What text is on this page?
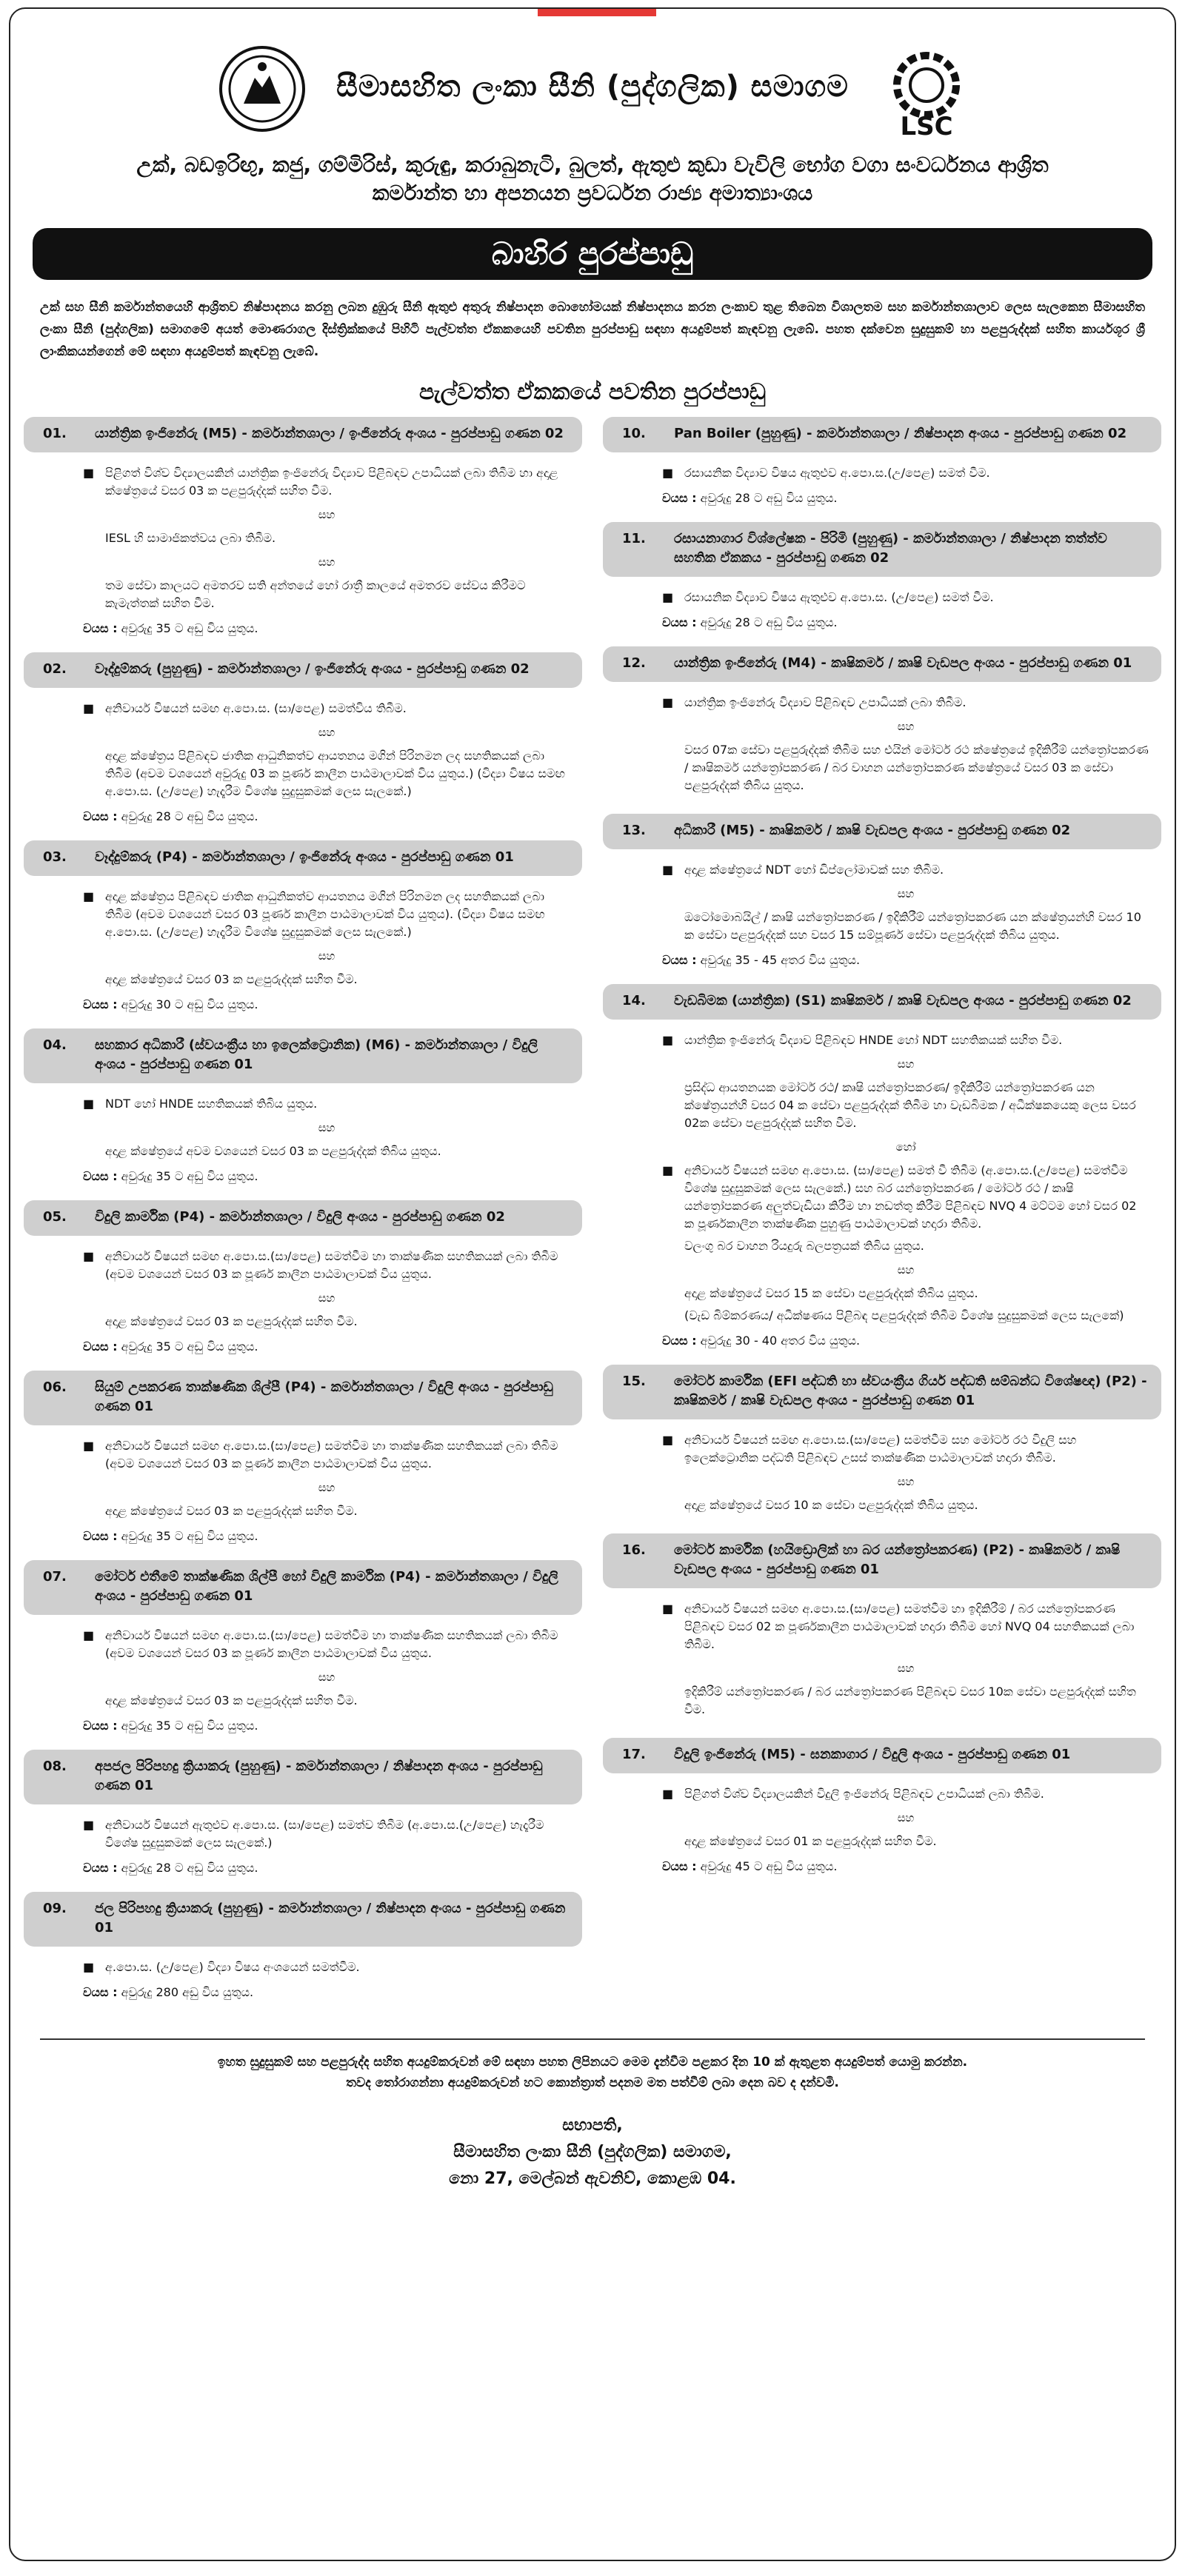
සීමාසහිත ලංකා සීනි (පුද්ගලික) සමාගම
LSC
උක්, බඩඉරිඟු, කජු, ගම්මිරිස්, කුරුඳු, කරාබුනැටි, බුලත්, ඇතුළු කුඩා වැවිලි භෝග වගා සංවර්ධනය ආශ්‍රිත
කර්මාන්ත හා අපනයන ප්‍රවර්ධන රාජ්‍ය අමාත්‍යාංශය
බාහිර පුරප්පාඩු
උක් සහ සීනි කර්මාන්තයෙහි ආශ්‍රිතව නිෂ්පාදනය කරනු ලබන දුඹුරු සීනි ඇතුළු අතුරු නිෂ්පාදන බොහෝමයක් නිෂ්පාදනය කරන ලංකාව තුළ තිබෙන විශාලතම සහ කර්මාන්තශාලාව ලෙස සැලකෙන සීමාසහිත ලංකා සීනි (පුද්ගලික) සමාගමේ අයත් මොණරාගල දිස්ත්‍රික්කයේ පිහිටි පැල්වත්ත ඒකකයෙහි පවතින පුරප්පාඩු සඳහා අයදුම්පත් කැඳවනු ලැබේ. පහත දක්වෙන සුදුසුකම් හා පළපුරුද්දක් සහිත කාර්යශූර ශ්‍රී ලාංකිකයන්ගෙන් මේ සඳහා අයදුම්පත් කැඳවනු ලැබේ.
පැල්වත්ත ඒකකයේ පවතින පුරප්පාඩු
01.	යාන්ත්‍රික ඉංජිනේරු (M5) - කර්මාන්තශාලා / ඉංජිනේරු අංශය - පුරප්පාඩු ගණන 02
■ පිළිගත් විශ්ව විද්‍යාලයකින් යාන්ත්‍රික ඉංජිනේරු විද්‍යාව පිළිබඳව උපාධියක් ලබා තිබීම හා අදාළ ක්ෂේත්‍රයේ වසර 03 ක පළපුරුද්දක් සහිත වීම.
සහ
IESL හි සාමාජිකත්වය ලබා තිබීම.
සහ
තම සේවා කාලයට අමතරව සති අන්තයේ හෝ රාත්‍රී කාලයේ අමතරව සේවය කිරීමට කැමැත්තක් සහිත වීම.
වයස : අවුරුදු 35 ට අඩු විය යුතුය.
02.	වෑද්දුම්කරු (පුහුණු) - කර්මාන්තශාලා / ඉංජිනේරු අංශය - පුරප්පාඩු ගණන 02
■ අනිවාර්ය විෂයන් සමඟ අ.පො.ස. (සා/පෙළ) සමත්විය තිබීම.
සහ
අදාළ ක්ෂේත්‍රය පිළිබඳව ජාතික ආධුනිකත්ව ආයතනය මගින් පිරිනමන ලද සහතිකයක් ලබා තිබීම (අවම වශයෙන් අවුරුදු 03 ක පූර්ණ කාලීන පාඨමාලාවක් විය යුතුය.) (විද්‍යා විෂය සමඟ අ.පො.ස. (උ/පෙළ) හැදෑරීම විශේෂ සුදුසුකමක් ලෙස සැලකේ.)
වයස : අවුරුදු 28 ට අඩු විය යුතුය.
03.	වෑද්දුම්කරු (P4) - කර්මාන්තශාලා / ඉංජිනේරු අංශය - පුරප්පාඩු ගණන 01
■ අදාළ ක්ෂේත්‍රය පිළිබඳව ජාතික ආධුනිකත්ව ආයතනය මගින් පිරිනමන ලද සහතිකයක් ලබා තිබීම (අවම වශයෙන් වසර 03 පූර්ණ කාලීන පාඨමාලාවක් විය යුතුය). (විද්‍යා විෂය සමඟ අ.පො.ස. (උ/පෙළ) හැදෑරීම විශේෂ සුදුසුකමක් ලෙස සැලකේ.)
සහ
අදාළ ක්ෂේත්‍රයේ වසර 03 ක පළපුරුද්දක් සහිත වීම.
වයස : අවුරුදු 30 ට අඩු විය යුතුය.
04.	සහකාර අධිකාරී (ස්වයංක්‍රීය හා ඉලෙක්ට්‍රොනික) (M6) - කර්මාන්තශාලා / විදුලි අංශය - පුරප්පාඩු ගණන 01
■ NDT හෝ HNDE සහතිකයක් තිබිය යුතුය.
සහ
අදාළ ක්ෂේත්‍රයේ අවම වශයෙන් වසර 03 ක පළපුරුද්දක් තිබිය යුතුය.
වයස : අවුරුදු 35 ට අඩු විය යුතුය.
05.	විදුලි කාර්මික (P4) - කර්මාන්තශාලා / විදුලි අංශය - පුරප්පාඩු ගණන 02
■ අනිවාර්ය විෂයන් සමඟ අ.පො.ස.(සා/පෙළ) සමත්වීම හා තාක්ෂණික සහතිකයක් ලබා තිබීම (අවම වශයෙන් වසර 03 ක පූර්ණ කාලීන පාඨමාලාවක් විය යුතුය.
සහ
අදාළ ක්ෂේත්‍රයේ වසර 03 ක පළපුරුද්දක් සහිත වීම.
වයස : අවුරුදු 35 ට අඩු විය යුතුය.
06.	සියුම් උපකරණ තාක්ෂණික ශිල්පී (P4) - කර්මාන්තශාලා / විදුලි අංශය - පුරප්පාඩු ගණන 01
■ අනිවාර්ය විෂයන් සමඟ අ.පො.ස.(සා/පෙළ) සමත්වීම හා තාක්ෂණික සහතිකයක් ලබා තිබීම (අවම වශයෙන් වසර 03 ක පූර්ණ කාලීන පාඨමාලාවක් විය යුතුය.
සහ
අදාළ ක්ෂේත්‍රයේ වසර 03 ක පළපුරුද්දක් සහිත වීම.
වයස : අවුරුදු 35 ට අඩු විය යුතුය.
07.	මෝටර් එතීමේ තාක්ෂණික ශිල්පී හෝ විදුලි කාර්මික (P4) - කර්මාන්තශාලා / විදුලි අංශය - පුරප්පාඩු ගණන 01
■ අනිවාර්ය විෂයන් සමඟ අ.පො.ස.(සා/පෙළ) සමත්වීම හා තාක්ෂණික සහතිකයක් ලබා තිබීම (අවම වශයෙන් වසර 03 ක පූර්ණ කාලීන පාඨමාලාවක් විය යුතුය.
සහ
අදාළ ක්ෂේත්‍රයේ වසර 03 ක පළපුරුද්දක් සහිත වීම.
වයස : අවුරුදු 35 ට අඩු විය යුතුය.
08.	අපජල පිරිපහදු ක්‍රියාකරු (පුහුණු) - කර්මාන්තශාලා / නිෂ්පාදන අංශය - පුරප්පාඩු ගණන 01
■ අනිවාර්ය විෂයන් ඇතුළුව අ.පො.ස. (සා/පෙළ) සමත්ව තිබීම (අ.පො.ස.(උ/පෙළ) හැදෑරීම විශේෂ සුදුසුකමක් ලෙස සැලකේ.)
වයස : අවුරුදු 28 ට අඩු විය යුතුය.
09.	ජල පිරිපහදු ක්‍රියාකරු (පුහුණු) - කර්මාන්තශාලා / නිෂ්පාදන අංශය - පුරප්පාඩු ගණන 01
■ අ.පො.ස. (උ/පෙළ) විද්‍යා විෂය අංශයෙන් සමත්වීම.
වයස : අවුරුදු 280 අඩු විය යුතුය.
10.	Pan Boiler (පුහුණු) - කර්මාන්තශාලා / නිෂ්පාදන අංශය - පුරප්පාඩු ගණන 02
■ රසායනික විද්‍යාව විෂය ඇතුළුව අ.පො.ස.(උ/පෙළ) සමත් වීම.
වයස : අවුරුදු 28 ට අඩු විය යුතුය.
11.	රසායනාගාර විශ්ලේෂක - පිරිමි (පුහුණු) - කර්මාන්තශාලා / නිෂ්පාදන තත්ත්ව සහතික ඒකකය - පුරප්පාඩු ගණන 02
■ රසායනික විද්‍යාව විෂය ඇතුළුව අ.පො.ස. (උ/පෙළ) සමත් වීම.
වයස : අවුරුදු 28 ට අඩු විය යුතුය.
12.	යාන්ත්‍රික ඉංජිනේරු (M4) - කෘෂිකර්ම / කෘෂි වැඩපල අංශය - පුරප්පාඩු ගණන 01
■ යාන්ත්‍රික ඉංජිනේරු විද්‍යාව පිළිබඳව උපාධියක් ලබා තිබීම.
සහ
වසර 07ක සේවා පළපුරුද්දක් තිබීම සහ එයින් මෝටර් රථ ක්ෂේත්‍රයේ ඉදිකිරීම් යන්ත්‍රෝපකරණ / කෘෂිකර්ම යන්ත්‍රෝපකරණ / බර වාහන යන්ත්‍රෝපකරණ ක්ෂේත්‍රයේ වසර 03 ක සේවා පළපුරුද්දක් තිබිය යුතුය.
13.	අධිකාරී (M5) - කෘෂිකර්ම / කෘෂි වැඩපල අංශය - පුරප්පාඩු ගණන 02
■ අදාළ ක්ෂේත්‍රයේ NDT හෝ ඩිප්ලෝමාවක් සහ තිබීම.
සහ
ඔටෝමොබයිල් / කෘෂි යන්ත්‍රෝපකරණ / ඉදිකිරීම් යන්ත්‍රෝපකරණ යන ක්ෂේත්‍රයන්හි වසර 10 ක සේවා පළපුරුද්දක් සහ වසර 15 සම්පූර්ණ සේවා පළපුරුද්දක් තිබිය යුතුය.
වයස : අවුරුදු 35 - 45 අතර විය යුතුය.
14.	වැඩබිමක (යාන්ත්‍රික) (S1) කෘෂිකර්ම / කෘෂි වැඩපල අංශය - පුරප්පාඩු ගණන 02
■ යාන්ත්‍රික ඉංජිනේරු විද්‍යාව පිළිබඳව HNDE හෝ NDT සහතිකයක් සහිත වීම.
සහ
ප්‍රසිද්ධ ආයතනයක මෝටර් රථ/ කෘෂි යන්ත්‍රෝපකරණ/ ඉදිකිරීම් යන්ත්‍රෝපකරණ යන ක්ෂේත්‍රයන්හි වසර 04 ක සේවා පළපුරුද්දක් තිබීම හා වැඩබිමක / අධීක්ෂකයෙකු ලෙස වසර 02ක සේවා පළපුරුද්දක් සහිත වීම.
හෝ
■ අනිවාර්ය විෂයන් සමඟ අ.පො.ස. (සා/පෙළ) සමත් වී තිබීම (අ.පො.ස.(උ/පෙළ) සමත්වීම විශේෂ සුදුසුකමක් ලෙස සැලකේ.) සහ බර යන්ත්‍රෝපකරණ / මෝටර් රථ / කෘෂි යන්ත්‍රෝපකරණ අලුත්වැඩියා කිරීම හා නඩත්තු කිරීම පිළිබඳව NVQ 4 මට්ටම හෝ වසර 02 ක පූර්ණකාලීන තාක්ෂණික පුහුණු පාඨමාලාවක් හදාරා තිබීම.
වලංගු බර වාහන රියදුරු බලපත්‍රයක් තිබිය යුතුය.
සහ
අදාළ ක්ෂේත්‍රයේ වසර 15 ක සේවා පළපුරුද්දක් තිබිය යුතුය.
(වැඩ බිම්කරණය/ අධීක්ෂණය පිළිබඳ පළපුරුද්දක් තිබීම විශේෂ සුදුසුකමක් ලෙස සැලකේ)
වයස : අවුරුදු 30 - 40 අතර විය යුතුය.
15.	මෝටර් කාර්මික (EFI පද්ධති හා ස්වයංක්‍රීය ගියර් පද්ධති සම්බන්ධ විශේෂඥ) (P2) - කෘෂිකර්ම / කෘෂි වැඩපල අංශය - පුරප්පාඩු ගණන 01
■ අනිවාර්ය විෂයන් සමඟ අ.පො.ස.(සා/පෙළ) සමත්වීම සහ මෝටර් රථ විදුලි සහ ඉලෙක්ට්‍රොනික පද්ධති පිළිබඳව උසස් තාක්ෂණික පාඨමාලාවක් හදාරා තිබීම.
සහ
අදාළ ක්ෂේත්‍රයේ වසර 10 ක සේවා පළපුරුද්දක් තිබිය යුතුය.
16.	මෝටර් කාර්මික (හයිඩ්‍රොලික් හා බර යන්ත්‍රෝපකරණ) (P2) - කෘෂිකර්ම / කෘෂි වැඩපල අංශය - පුරප්පාඩු ගණන 01
■ අනිවාර්ය විෂයන් සමඟ අ.පො.ස.(සා/පෙළ) සමත්වීම හා ඉදිකිරීම් / බර යන්ත්‍රෝපකරණ පිළිබඳව වසර 02 ක පූර්ණකාලීන පාඨමාලාවක් හදාරා තිබීම හෝ NVQ 04 සහතිකයක් ලබා තිබීම.
සහ
ඉදිකිරීම් යන්ත්‍රෝපකරණ / බර යන්ත්‍රෝපකරණ පිළිබඳව වසර 10ක සේවා පළපුරුද්දක් සහිත වීම.
17.	විදුලි ඉංජිනේරු (M5) - ඝනකාගාර / විදුලි අංශය - පුරප්පාඩු ගණන 01
■ පිළිගත් විශ්ව විද්‍යාලයකින් විදුලි ඉංජිනේරු පිළිබඳව උපාධියක් ලබා තිබීම.
සහ
අදාළ ක්ෂේත්‍රයේ වසර 01 ක පළපුරුද්දක් සහිත වීම.
වයස : අවුරුදු 45 ට අඩු විය යුතුය.
ඉහත සුදුසුකම් සහ පළපුරුද්ද සහිත අයදුම්කරුවන් මේ සඳහා පහත ලිපිනයට මෙම දැන්වීම පළකර දින 10 ක් ඇතුළත අයදුම්පත් යොමු කරන්න.
තවද තෝරාගන්නා අයදුම්කරුවන් හට කොන්ත්‍රාත් පදනම මත පත්වීම් ලබා දෙන බව ද දන්වමි.
සභාපති,
සීමාසහිත ලංකා සීනි (පුද්ගලික) සමාගම,
නො 27, මෙල්බන් ඇවනිව්, කොළඹ 04.
